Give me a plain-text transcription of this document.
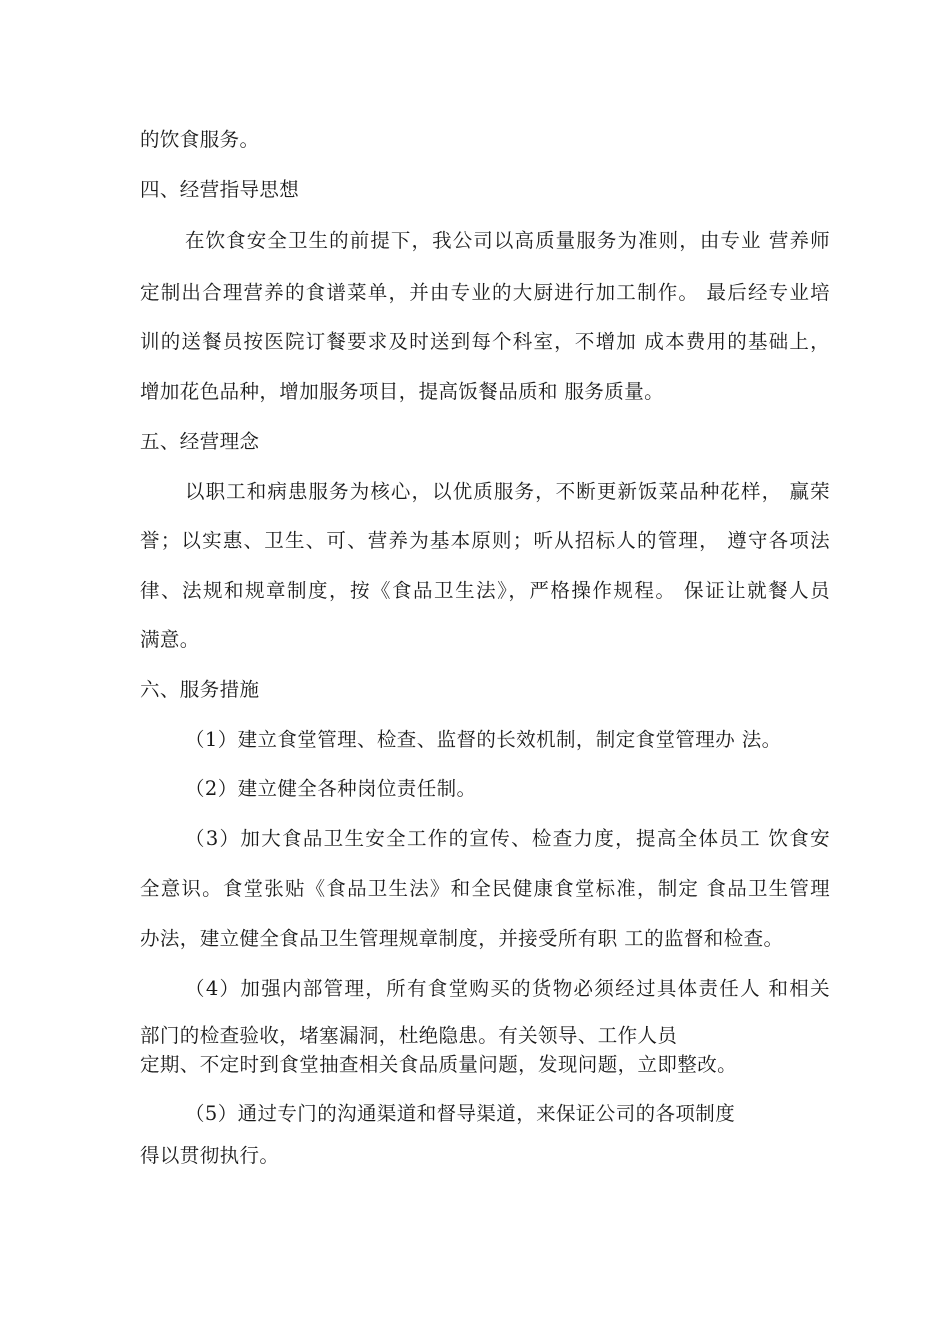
的饮食服务。
四、经营指导思想
在饮食安全卫生的前提下，我公司以高质量服务为准则，由专业 营养师
定制出合理营养的食谱菜单，并由专业的大厨进行加工制作。 最后经专业培
训的送餐员按医院订餐要求及时送到每个科室，不增加 成本费用的基础上，
增加花色品种，增加服务项目，提高饭餐品质和 服务质量。
五、经营理念
以职工和病患服务为核心，以优质服务，不断更新饭菜品种花样， 赢荣
誉；以实惠、卫生、可、营养为基本原则；听从招标人的管理， 遵守各项法
律、法规和规章制度，按《食品卫生法》，严格操作规程。 保证让就餐人员
满意。
六、服务措施
（1）建立食堂管理、检查、监督的长效机制，制定食堂管理办 法。
（2）建立健全各种岗位责任制。
（3）加大食品卫生安全工作的宣传、检查力度，提高全体员工 饮食安
全意识。食堂张贴《食品卫生法》和全民健康食堂标准，制定 食品卫生管理
办法，建立健全食品卫生管理规章制度，并接受所有职 工的监督和检查。
（4）加强内部管理，所有食堂购买的货物必须经过具体责任人 和相关
部门的检查验收，堵塞漏洞，杜绝隐患。有关领导、工作人员
定期、不定时到食堂抽查相关食品质量问题，发现问题，立即整改。
（5）通过专门的沟通渠道和督导渠道，来保证公司的各项制度
得以贯彻执行。
